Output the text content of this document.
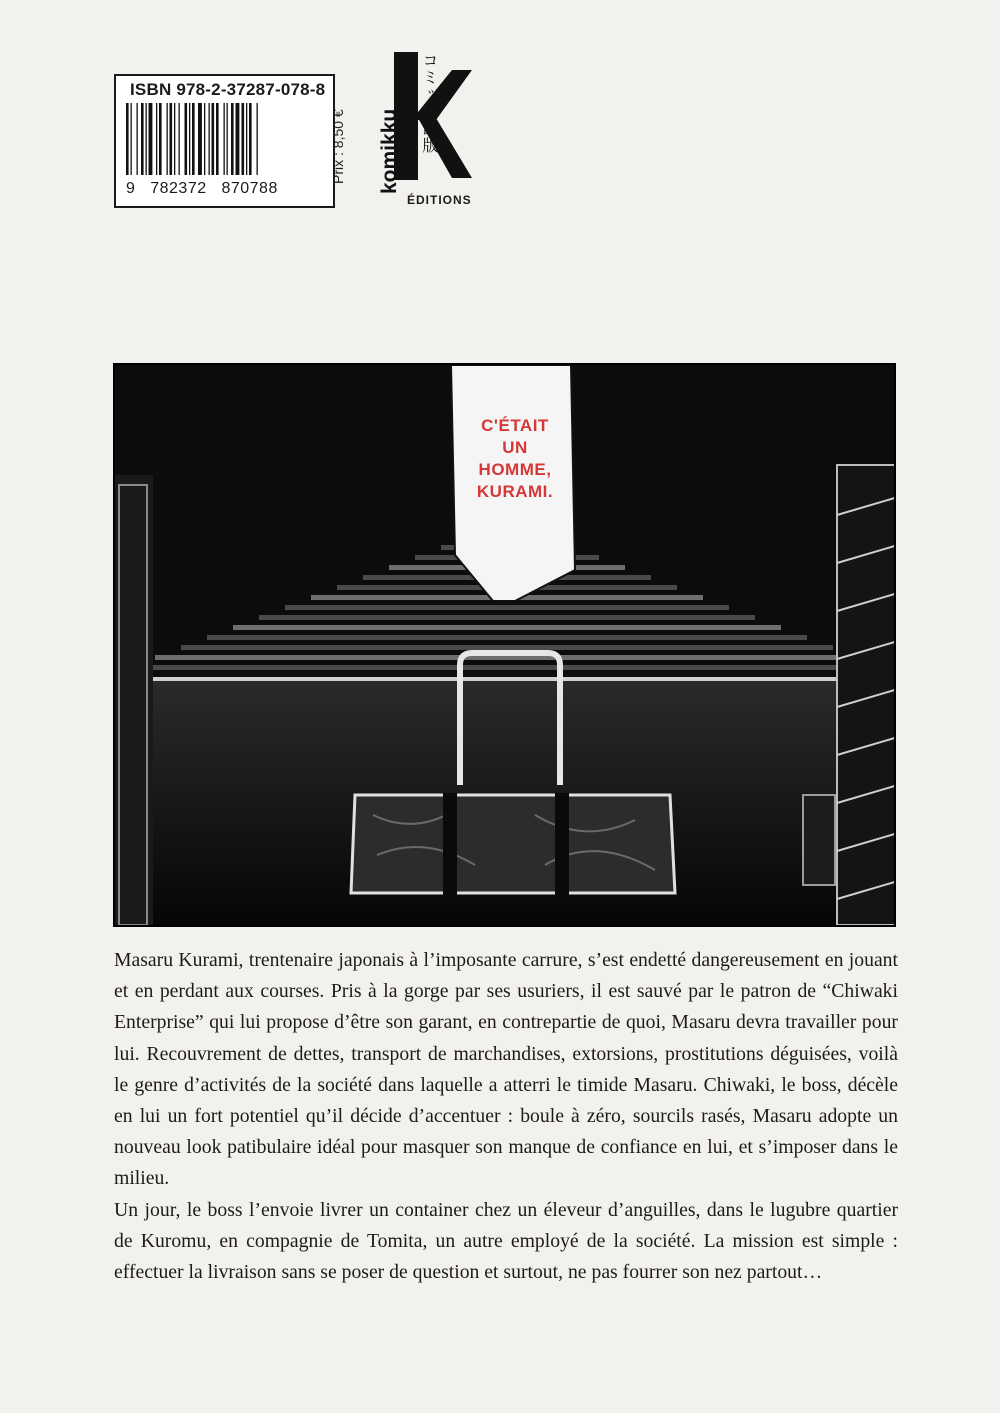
ISBN 978-2-37287-078-8
9   782372   870788
Prix : 8,50 €	コミック出版
komikku
ÉDITIONS
C'ÉTAIT
UN
HOMME,
KURAMI.

Masaru Kurami, trentenaire japonais à l’imposante carrure, s’est endetté dangereusement en jouant et en perdant aux courses. Pris à la gorge par ses usuriers, il est sauvé par le patron de “Chiwaki Enterprise” qui lui propose d’être son garant, en contrepartie de quoi, Masaru devra travailler pour lui. Recouvrement de dettes, transport de marchandises, extorsions, prostitutions déguisées, voilà le genre d’activités de la société dans laquelle a atterri le timide Masaru. Chiwaki, le boss, décèle en lui un fort potentiel qu’il décide d’accentuer : boule à zéro, sourcils rasés, Masaru adopte un nouveau look patibulaire idéal pour masquer son manque de confiance en lui, et s’imposer dans le milieu.

Un jour, le boss l’envoie livrer un container chez un éleveur d’anguilles, dans le lugubre quartier de Kuromu, en compagnie de Tomita, un autre employé de la société. La mission est simple : effectuer la livraison sans se poser de question et surtout, ne pas fourrer son nez partout…
